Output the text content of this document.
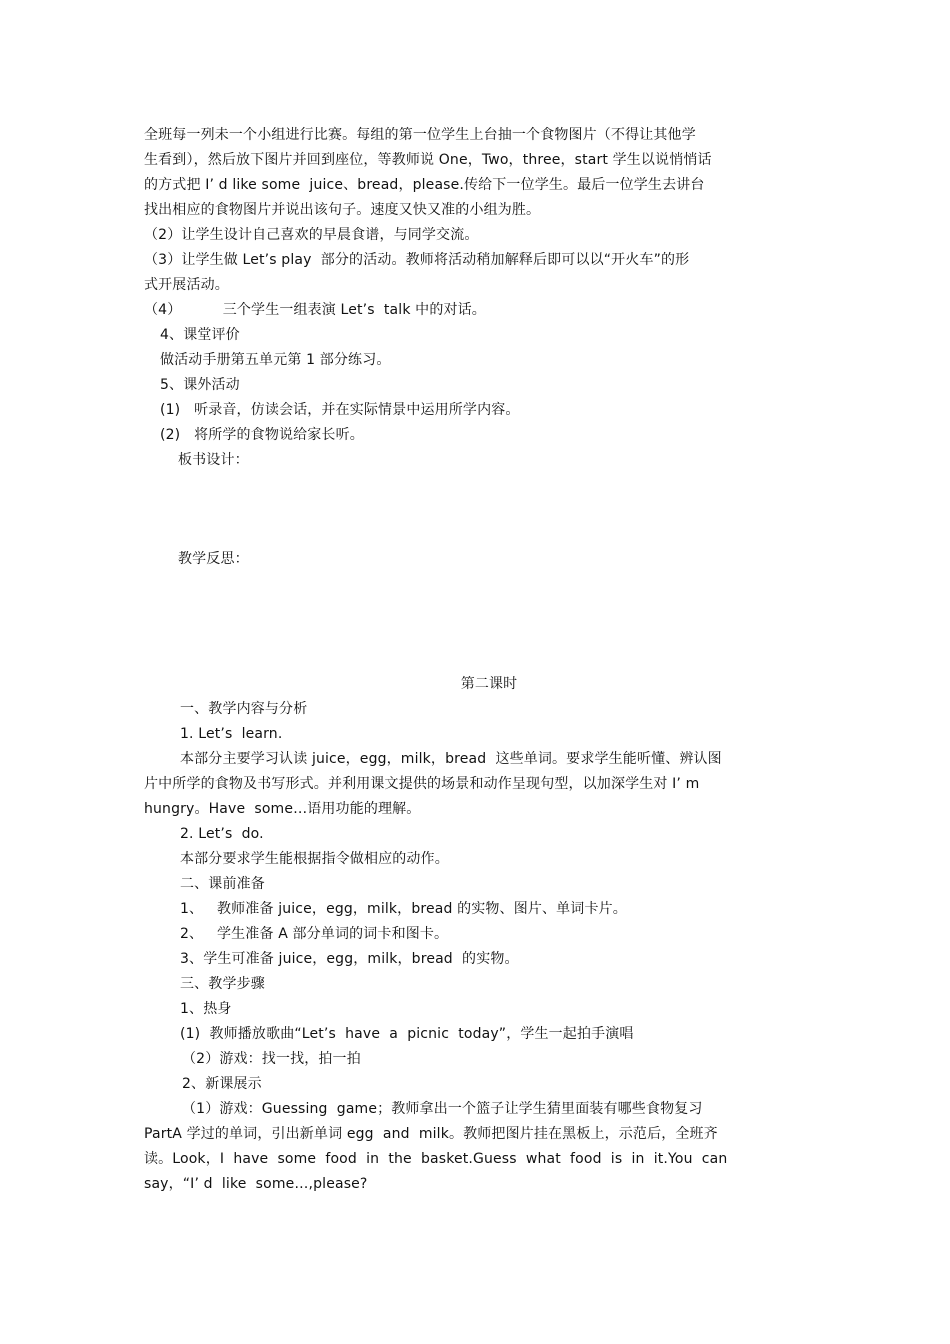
全班每一列未一个小组进行比赛。每组的第一位学生上台抽一个食物图片（不得让其他学
生看到），然后放下图片并回到座位，等教师说 One，Two，three，start 学生以说悄悄话
的方式把 I’ d like some  juice、bread，please.传给下一位学生。最后一位学生去讲台
找出相应的食物图片并说出该句子。速度又快又准的小组为胜。
（2）让学生设计自己喜欢的早晨食谱，与同学交流。
（3）让学生做 Let’s play  部分的活动。教师将活动稍加解释后即可以以“开火车”的形
式开展活动。
（4）         三个学生一组表演 Let’s  talk 中的对话。
4、课堂评价
做活动手册第五单元第 1 部分练习。
5、课外活动
(1)   听录音，仿读会话，并在实际情景中运用所学内容。
(2)   将所学的食物说给家长听。
板书设计：
教学反思：
第二课时
一、教学内容与分析
1. Let’s  learn.
本部分主要学习认读 juice，egg，milk，bread  这些单词。要求学生能听懂、辨认图
片中所学的食物及书写形式。并利用课文提供的场景和动作呈现句型，以加深学生对 I’ m
hungry。Have  some…语用功能的理解。
2. Let’s  do.
本部分要求学生能根据指令做相应的动作。
二、课前准备
1、   教师准备 juice，egg，milk，bread 的实物、图片、单词卡片。
2、   学生准备 A 部分单词的词卡和图卡。
3、学生可准备 juice，egg，milk，bread  的实物。
三、教学步骤
1、热身
(1)  教师播放歌曲“Let’s  have  a  picnic  today”，学生一起拍手演唱
（2）游戏：找一找，拍一拍
2、新课展示
（1）游戏：Guessing  game；教师拿出一个篮子让学生猜里面装有哪些食物复习
PartA 学过的单词，引出新单词 egg  and  milk。教师把图片挂在黑板上，示范后，全班齐
读。Look，I  have  some  food  in  the  basket.Guess  what  food  is  in  it.You  can
say，“I’ d  like  some…,please?
